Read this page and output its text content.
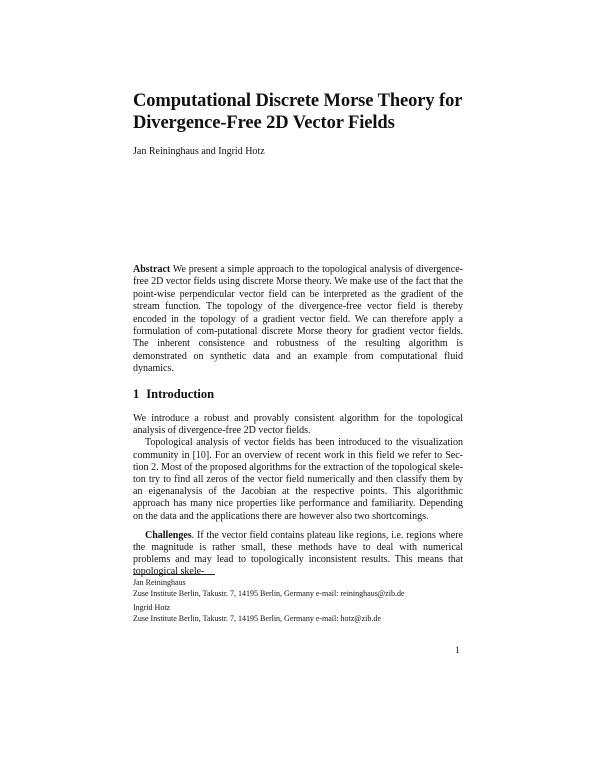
Computational Discrete Morse Theory for
Divergence-Free 2D Vector Fields
Jan Reininghaus and Ingrid Hotz
Abstract We present a simple approach to the topological analysis of divergence-free 2D vector fields using discrete Morse theory. We make use of the fact that the point-wise perpendicular vector field can be interpreted as the gradient of the stream function. The topology of the divergence-free vector field is thereby encoded in the topology of a gradient vector field. We can therefore apply a formulation of com-putational discrete Morse theory for gradient vector fields. The inherent consistence and robustness of the resulting algorithm is demonstrated on synthetic data and an example from computational fluid dynamics.
1 Introduction

We introduce a robust and provably consistent algorithm for the topological analysis of divergence-free 2D vector fields.

Topological analysis of vector fields has been introduced to the visualization community in [10]. For an overview of recent work in this field we refer to Sec-tion 2. Most of the proposed algorithms for the extraction of the topological skele-ton try to find all zeros of the vector field numerically and then classify them by an eigenanalysis of the Jacobian at the respective points. This algorithmic approach has many nice properties like performance and familiarity. Depending on the data and the applications there are however also two shortcomings.

Challenges. If the vector field contains plateau like regions, i.e. regions where the magnitude is rather small, these methods have to deal with numerical problems and may lead to topologically inconsistent results. This means that topological skele-

Jan Reininghaus
Zuse Institute Berlin, Takustr. 7, 14195 Berlin, Germany e-mail: reininghaus@zib.de
Ingrid Hotz
Zuse Institute Berlin, Takustr. 7, 14195 Berlin, Germany e-mail: hotz@zib.de
1
